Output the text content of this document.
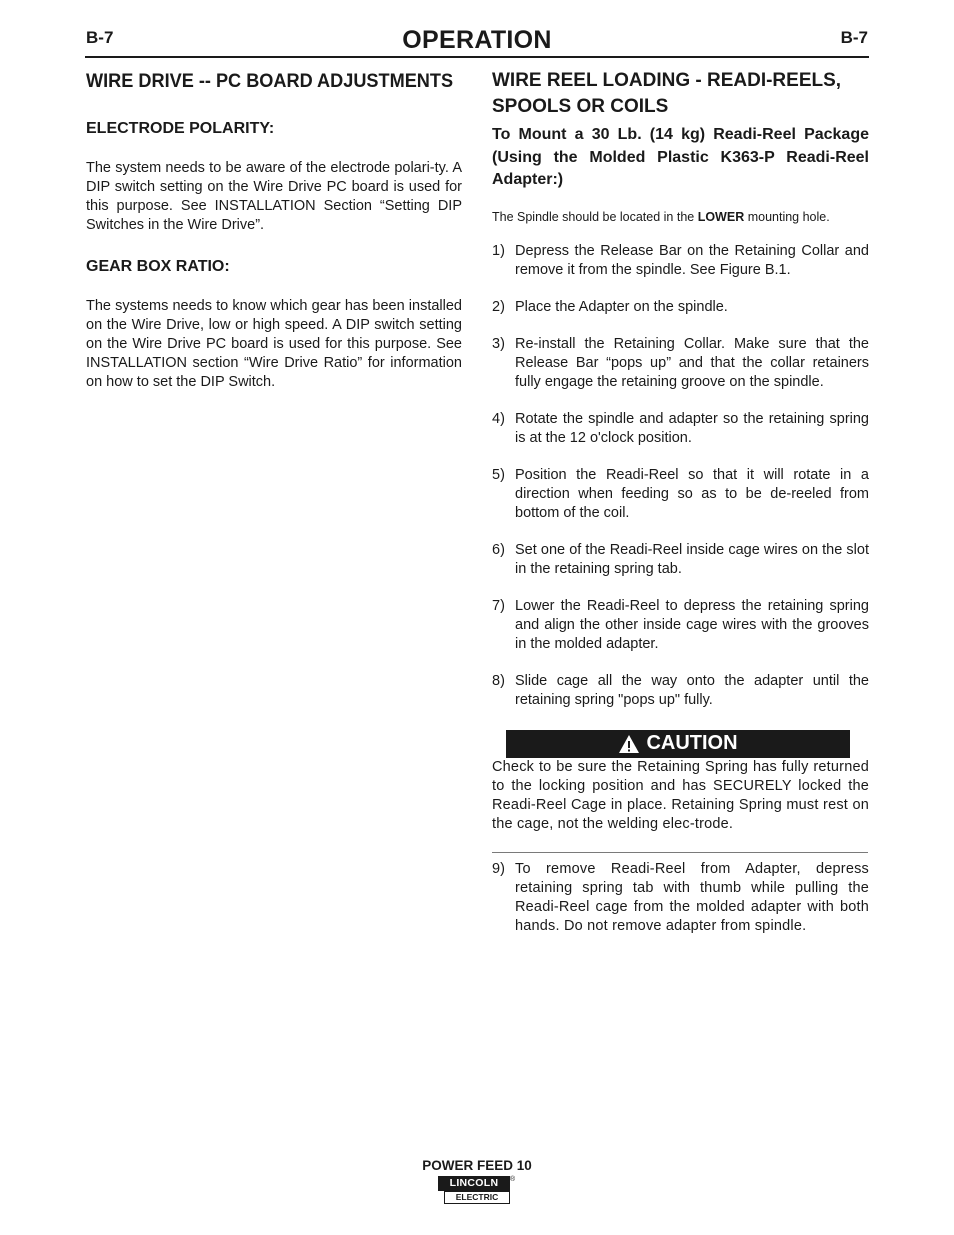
B-7	OPERATION	B-7
WIRE DRIVE -- PC BOARD ADJUSTMENTS
ELECTRODE POLARITY:

The system needs to be aware of the electrode polari-ty. A DIP switch setting on the Wire Drive PC board is used for this purpose. See INSTALLATION Section “Setting DIP Switches in the Wire Drive”.

GEAR BOX RATIO:

The systems needs to know which gear has been installed on the Wire Drive, low or high speed. A DIP switch setting on the Wire Drive PC board is used for this purpose. See INSTALLATION section “Wire Drive Ratio” for information on how to set the DIP Switch.

WIRE REEL LOADING - READI-REELS, SPOOLS OR COILS

To Mount a 30 Lb. (14 kg) Readi-Reel Package (Using the Molded Plastic K363-P Readi-Reel Adapter:)

The Spindle should be located in the LOWER mounting hole.

1) Depress the Release Bar on the Retaining Collar and remove it from the spindle. See Figure B.1.
2) Place the Adapter on the spindle.
3) Re-install the Retaining Collar. Make sure that the Release Bar “pops up” and that the collar retainers fully engage the retaining groove on the spindle.
4) Rotate the spindle and adapter so the retaining spring is at the 12 o'clock position.
5) Position the Readi-Reel so that it will rotate in a direction when feeding so as to be de-reeled from bottom of the coil.
6) Set one of the Readi-Reel inside cage wires on the slot in the retaining spring tab.
7) Lower the Readi-Reel to depress the retaining spring and align the other inside cage wires with the grooves in the molded adapter.
8) Slide cage all the way onto the adapter until the retaining spring "pops up" fully.
CAUTION

Check to be sure the Retaining Spring has fully returned to the locking position and has SECURELY locked the Readi-Reel Cage in place. Retaining Spring must rest on the cage, not the welding elec-trode.

9) To remove Readi-Reel from Adapter, depress retaining spring tab with thumb while pulling the Readi-Reel cage from the molded adapter with both hands. Do not remove adapter from spindle.
POWER FEED 10
LINCOLN
ELECTRIC
®
